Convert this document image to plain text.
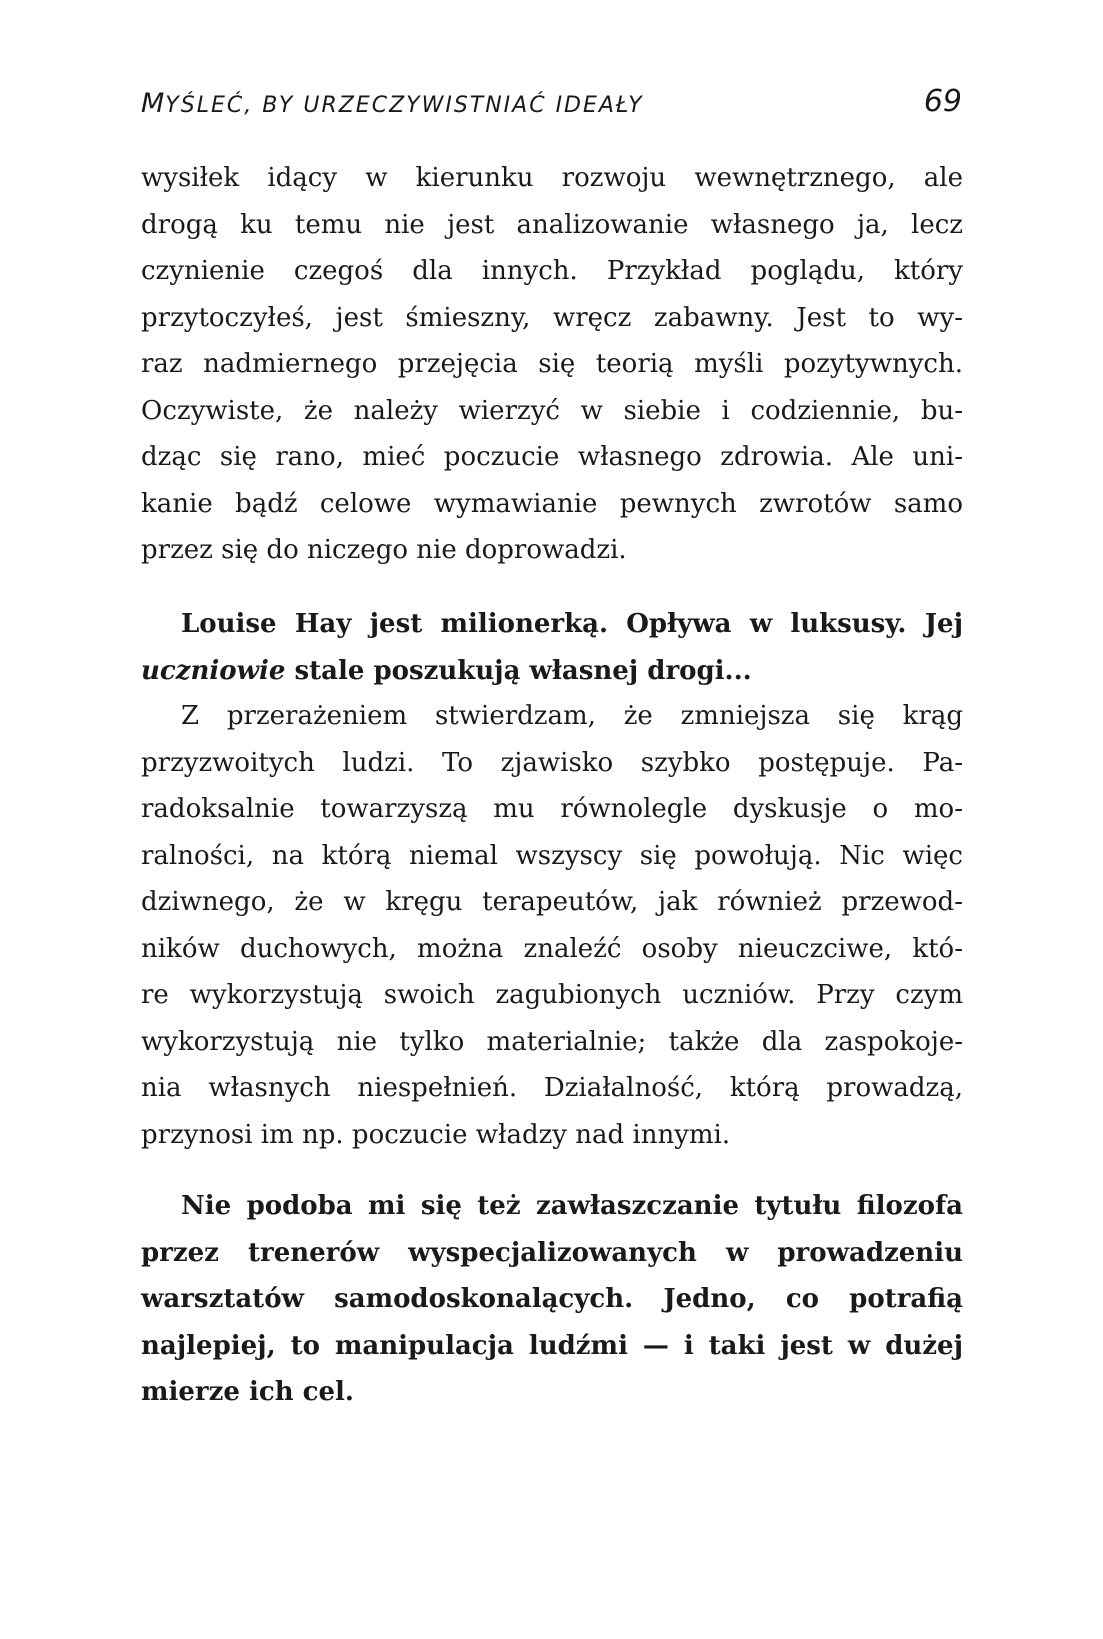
MYŚLEĆ, BY URZECZYWISTNIAĆ IDEAŁY	69
wysiłek idący w kierunku rozwoju wewnętrznego, ale
drogą ku temu nie jest analizowanie własnego ja, lecz
czynienie czegoś dla innych. Przykład poglądu, który
przytoczyłeś, jest śmieszny, wręcz zabawny. Jest to wy-
raz nadmiernego przejęcia się teorią myśli pozytywnych.
Oczywiste, że należy wierzyć w siebie i codziennie, bu-
dząc się rano, mieć poczucie własnego zdrowia. Ale uni-
kanie bądź celowe wymawianie pewnych zwrotów samo
przez się do niczego nie doprowadzi.
Louise Hay jest milionerką. Opływa w luksusy. Jej
uczniowie stale poszukują własnej drogi...
Z przerażeniem stwierdzam, że zmniejsza się krąg
przyzwoitych ludzi. To zjawisko szybko postępuje. Pa-
radoksalnie towarzyszą mu równolegle dyskusje o mo-
ralności, na którą niemal wszyscy się powołują. Nic więc
dziwnego, że w kręgu terapeutów, jak również przewod-
ników duchowych, można znaleźć osoby nieuczciwe, któ-
re wykorzystują swoich zagubionych uczniów. Przy czym
wykorzystują nie tylko materialnie; także dla zaspokoje-
nia własnych niespełnień. Działalność, którą prowadzą,
przynosi im np. poczucie władzy nad innymi.
Nie podoba mi się też zawłaszczanie tytułu filozofa
przez trenerów wyspecjalizowanych w prowadzeniu
warsztatów samodoskonalących. Jedno, co potrafią
najlepiej, to manipulacja ludźmi — i taki jest w dużej
mierze ich cel.
